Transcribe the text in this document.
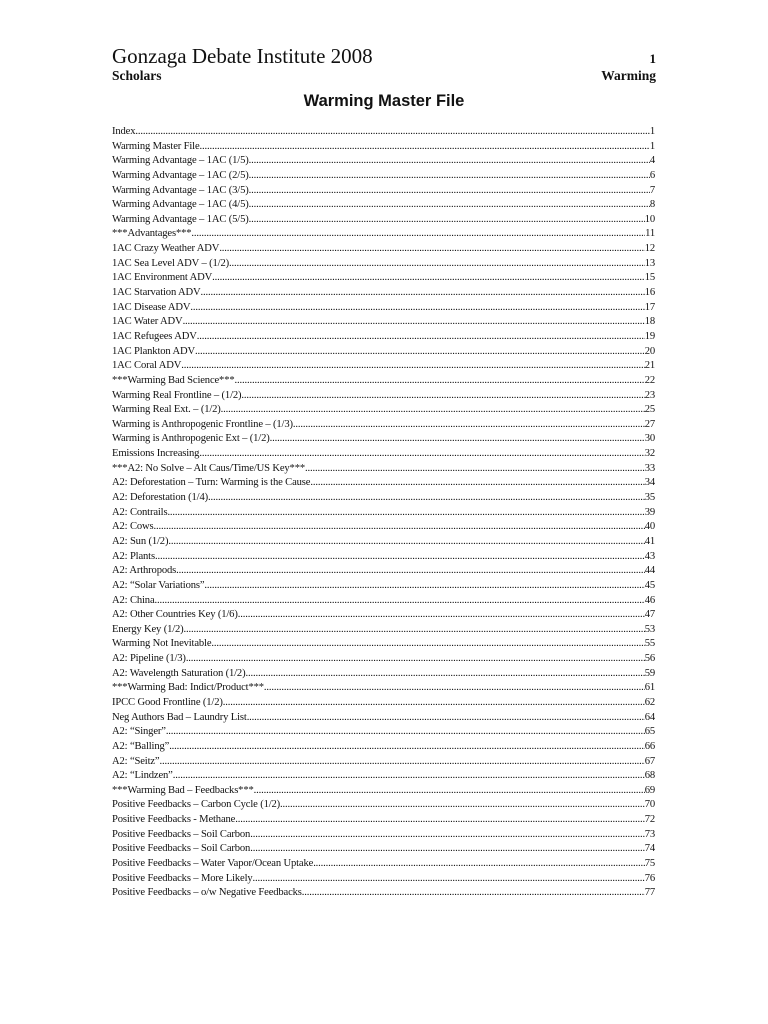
Gonzaga Debate Institute 2008	1
Scholars	Warming
Warming Master File
Index .....	1
Warming Master File .....	1
Warming Advantage – 1AC (1/5) .....	4
Warming Advantage – 1AC (2/5) .....	6
Warming Advantage – 1AC (3/5) .....	7
Warming Advantage – 1AC (4/5) .....	8
Warming Advantage – 1AC (5/5) .....	10
***Advantages*** .....	11
1AC Crazy Weather ADV .....	12
1AC Sea Level ADV – (1/2) .....	13
1AC Environment ADV .....	15
1AC Starvation ADV .....	16
1AC Disease ADV .....	17
1AC Water ADV .....	18
1AC Refugees ADV .....	19
1AC Plankton ADV .....	20
1AC Coral ADV .....	21
***Warming Bad Science*** .....	22
Warming Real Frontline – (1/2) .....	23
Warming Real Ext. – (1/2) .....	25
Warming is Anthropogenic Frontline – (1/3) .....	27
Warming is Anthropogenic Ext – (1/2) .....	30
Emissions Increasing .....	32
***A2: No Solve – Alt Caus/Time/US Key*** .....	33
A2: Deforestation – Turn: Warming is the Cause .....	34
A2: Deforestation (1/4) .....	35
A2: Contrails .....	39
A2: Cows .....	40
A2: Sun (1/2) .....	41
A2: Plants .....	43
A2: Arthropods .....	44
A2: “Solar Variations” .....	45
A2: China .....	46
A2: Other Countries Key (1/6) .....	47
Energy Key (1/2) .....	53
Warming Not Inevitable .....	55
A2: Pipeline (1/3) .....	56
A2: Wavelength Saturation (1/2) .....	59
***Warming Bad: Indict/Product*** .....	61
IPCC Good Frontline (1/2) .....	62
Neg Authors Bad – Laundry List .....	64
A2: “Singer” .....	65
A2: “Balling” .....	66
A2: “Seitz” .....	67
A2: “Lindzen” .....	68
***Warming Bad – Feedbacks*** .....	69
Positive Feedbacks – Carbon Cycle (1/2) .....	70
Positive Feedbacks - Methane .....	72
Positive Feedbacks – Soil Carbon .....	73
Positive Feedbacks – Soil Carbon .....	74
Positive Feedbacks – Water Vapor/Ocean Uptake .....	75
Positive Feedbacks – More Likely .....	76
Positive Feedbacks – o/w Negative Feedbacks .....	77
